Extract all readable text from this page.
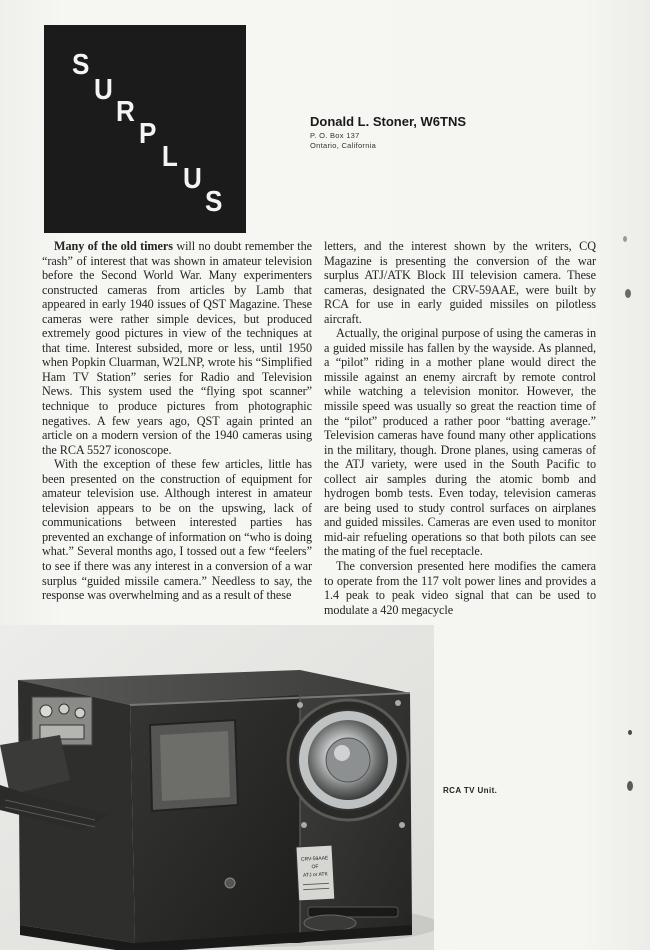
S
U
R
P
L
U
S
Donald L. Stoner, W6TNS
P. O. Box 137
Ontario, California

Many of the old timers will no doubt remember the “rash” of interest that was shown in amateur television before the Second World War. Many experimenters constructed cameras from articles by Lamb that appeared in early 1940 issues of QST Magazine. These cameras were rather simple devices, but produced extremely good pictures in view of the techniques at that time. Interest subsided, more or less, until 1950 when Popkin Cluarman, W2LNP, wrote his “Simplified Ham TV Station” series for Radio and Television News. This system used the “flying spot scanner” technique to produce pictures from photographic negatives. A few years ago, QST again printed an article on a modern version of the 1940 cameras using the RCA 5527 iconoscope.

With the exception of these few articles, little has been presented on the construction of equipment for amateur television use. Although interest in amateur television appears to be on the upswing, lack of communications between interested parties has prevented an exchange of information on “who is doing what.” Several months ago, I tossed out a few “feelers” to see if there was any interest in a conversion of a war surplus “guided missile camera.” Needless to say, the response was overwhelming and as a result of these

letters, and the interest shown by the writers, CQ Magazine is presenting the conversion of the war surplus ATJ/ATK Block III television camera. These cameras, designated the CRV-59AAE, were built by RCA for use in early guided missiles on pilotless aircraft.

Actually, the original purpose of using the cameras in a guided missile has fallen by the wayside. As planned, a “pilot” riding in a mother plane would direct the missile against an enemy aircraft by remote control while watching a television monitor. However, the missile speed was usually so great the reaction time of the “pilot” produced a rather poor “batting average.” Television cameras have found many other applications in the military, though. Drone planes, using cameras of the ATJ variety, were used in the South Pacific to collect air samples during the atomic bomb and hydrogen bomb tests. Even today, television cameras are being used to study control surfaces on airplanes and guided missiles. Cameras are even used to monitor mid-air refueling operations so that both pilots can see the mating of the fuel receptacle.

The conversion presented here modifies the camera to operate from the 117 volt power lines and provides a 1.4 peak to peak video signal that can be used to modulate a 420 megacycle

CRV-59AAE
OF
ATJ or ATK
RCA TV Unit.
